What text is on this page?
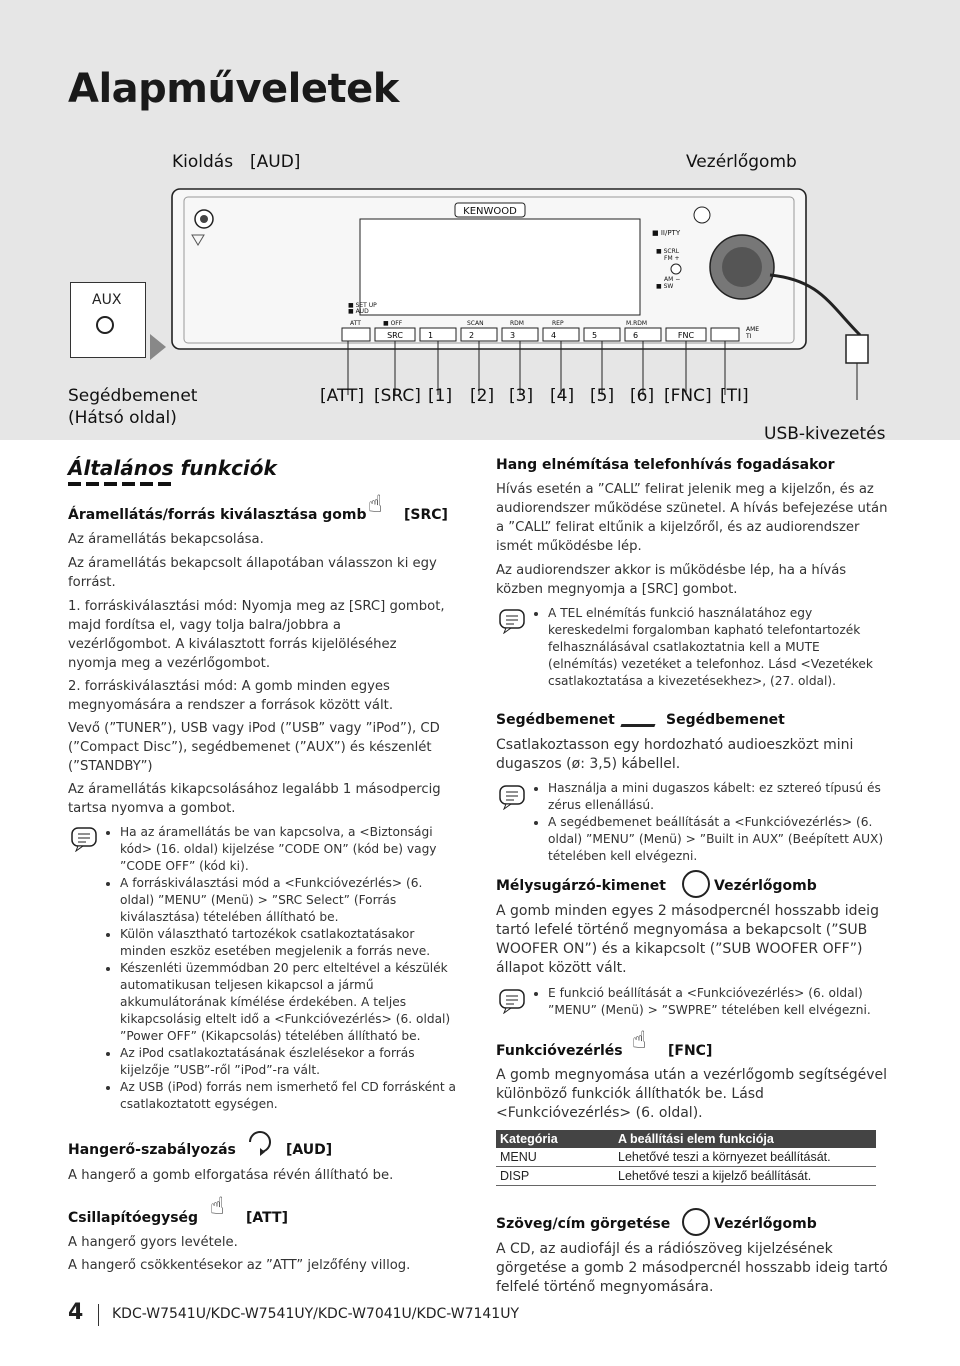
Alapműveletek
Kioldás [AUD]	Vezérlőgomb
AUX
KENWOOD
■ II/PTY
■ SCRL
FM +
AM −
■ SW
■ SET UP
■ AUD
ATT	■ OFF	SCAN	RDM	REP	M.RDM
SRC	1	2	3	4	5	6	FNC
AME
TI
Segédbemenet
(Hátsó oldal)
[ATT] [SRC] [1] [2] [3] [4] [5] [6] [FNC] [TI]
USB-kivezetés
Általános funkciók
Áramellátás/forrás kiválasztása gomb ☝ [SRC]
Az áramellátás bekapcsolása.
Az áramellátás bekapcsolt állapotában válasszon ki egy forrást.
1. forráskiválasztási mód: Nyomja meg az [SRC] gombot, majd fordítsa el, vagy tolja balra/jobbra a vezérlőgombot. A kiválasztott forrás kijelöléséhez nyomja meg a vezérlőgombot.
2. forráskiválasztási mód: A gomb minden egyes megnyomására a rendszer a források között vált.
Vevő (”TUNER”), USB vagy iPod (”USB” vagy ”iPod”), CD (”Compact Disc”), segédbemenet (”AUX”) és készenlét (”STANDBY”)
Az áramellátás kikapcsolásához legalább 1 másodpercig tartsa nyomva a gombot.
• Ha az áramellátás be van kapcsolva, a <Biztonsági kód> (16. oldal) kijelzése ”CODE ON” (kód be) vagy ”CODE OFF” (kód ki).
• A forráskiválasztási mód a <Funkcióvezérlés> (6. oldal) ”MENU” (Menü) > ”SRC Select” (Forrás kiválasztása) tételében állítható be.
• Külön választható tartozékok csatlakoztatásakor minden eszköz esetében megjelenik a forrás neve.
• Készenléti üzemmódban 20 perc elteltével a készülék automatikusan teljesen kikapcsol a jármű akkumulátorának kímélése érdekében. A teljes kikapcsolásig eltelt idő a <Funkcióvezérlés> (6. oldal) ”Power OFF” (Kikapcsolás) tételében állítható be.
• Az iPod csatlakoztatásának észlelésekor a forrás kijelzője ”USB”-ről ”iPod”-ra vált.
• Az USB (iPod) forrás nem ismerhető fel CD forrásként a csatlakoztatott egységen.
Hangerő-szabályozás	[AUD]
A hangerő a gomb elforgatása révén állítható be.
Csillapítóegység ☝ [ATT]
A hangerő gyors levétele.
A hangerő csökkentésekor az ”ATT” jelzőfény villog.
Hang elnémítása telefonhívás fogadásakor
Hívás esetén a ”CALL” felirat jelenik meg a kijelzőn, és az audiorendszer működése szünetel. A hívás befejezése után a ”CALL” felirat eltűnik a kijelzőről, és az audiorendszer ismét működésbe lép.
Az audiorendszer akkor is működésbe lép, ha a hívás közben megnyomja a [SRC] gombot.
• A TEL elnémítás funkció használatához egy kereskedelmi forgalomban kapható telefontartozék felhasználásával csatlakoztatnia kell a MUTE (elnémítás) vezetéket a telefonhoz. Lásd <Vezetékek csatlakoztatása a kivezetésekhez>, (27. oldal).
Segédbemenet	Segédbemenet
Csatlakoztasson egy hordozható audioeszközt mini dugaszos (ø: 3,5) kábellel.
• Használja a mini dugaszos kábelt: ez sztereó típusú és zérus ellenállású.
• A segédbemenet beállítását a <Funkcióvezérlés> (6. oldal) ”MENU” (Menü) > ”Built in AUX” (Beépített AUX) tételében kell elvégezni.
Mélysugárzó-kimenet	Vezérlőgomb
A gomb minden egyes 2 másodpercnél hosszabb ideig tartó lefelé történő megnyomása a bekapcsolt (”SUB WOOFER ON”) és a kikapcsolt (”SUB WOOFER OFF”) állapot között vált.
• E funkció beállítását a <Funkcióvezérlés> (6. oldal) ”MENU” (Menü) > ”SWPRE” tételében kell elvégezni.
Funkcióvezérlés ☝ [FNC]
A gomb megnyomása után a vezérlőgomb segítségével különböző funkciók állíthatók be. Lásd <Funkcióvezérlés> (6. oldal).
Kategória	A beállítási elem funkciója
MENU	Lehetővé teszi a környezet beállítását.
DISP	Lehetővé teszi a kijelző beállítását.
Szöveg/cím görgetése	Vezérlőgomb
A CD, az audiofájl és a rádiószöveg kijelzésének görgetése a gomb 2 másodpercnél hosszabb ideig tartó felfelé történő megnyomására.
4 KDC-W7541U/KDC-W7541UY/KDC-W7041U/KDC-W7141UY
